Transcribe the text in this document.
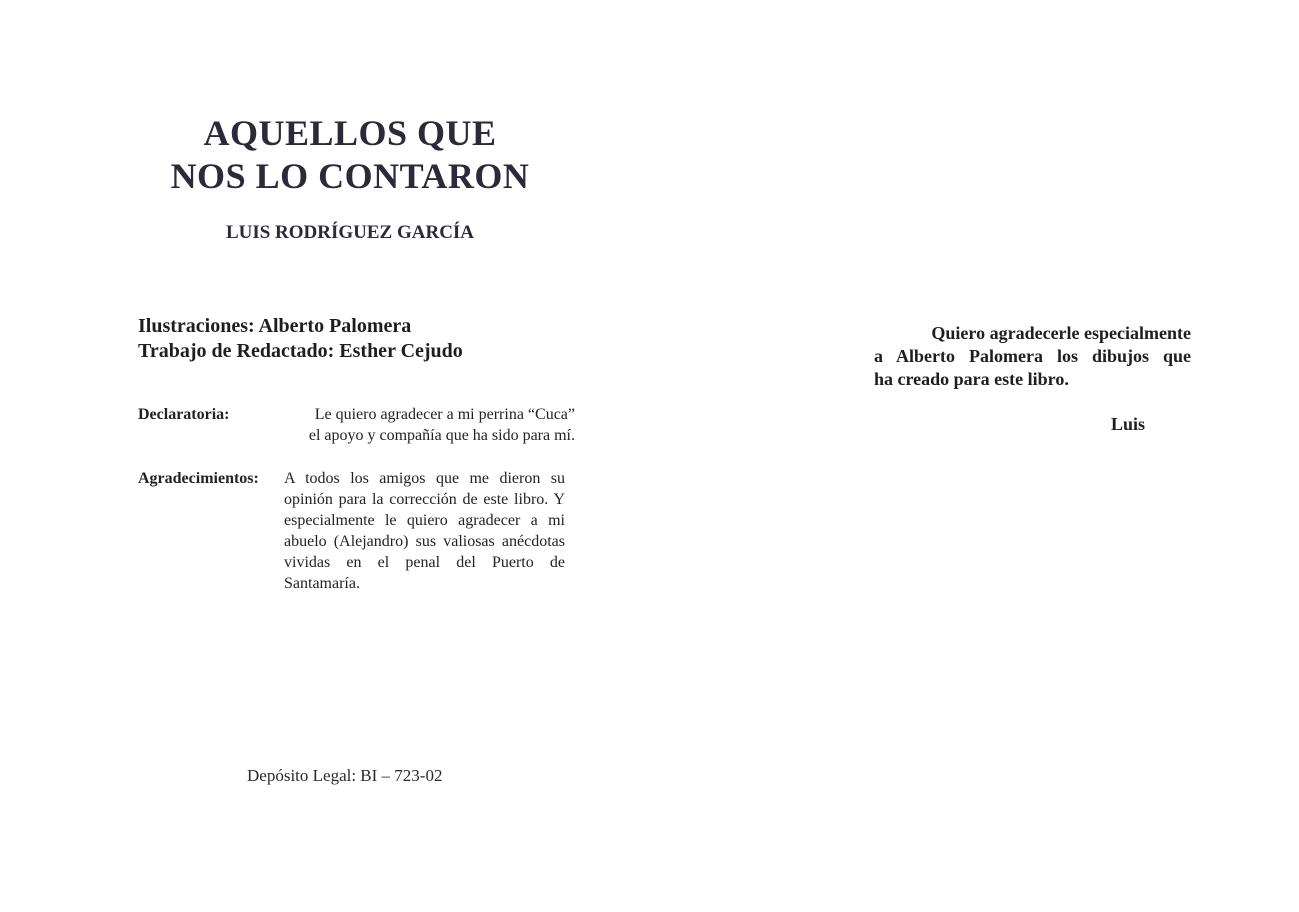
AQUELLOS QUE
NOS LO CONTARON
LUIS RODRÍGUEZ GARCÍA
Ilustraciones: Alberto Palomera
Trabajo de Redactado: Esther Cejudo
Declaratoria:	Le quiero agradecer a mi perrina “Cuca”
el apoyo y compañía que ha sido para mí.
Agradecimientos: A todos los amigos que me dieron su opinión para la corrección de este libro. Y especialmente le quiero agradecer a mi abuelo (Alejandro) sus valiosas anécdotas vividas en el penal del Puerto de Santamaría.
Depósito Legal: BI – 723-02
Quiero agradecerle especialmente
a Alberto Palomera los dibujos que
ha creado para este libro.
Luis
